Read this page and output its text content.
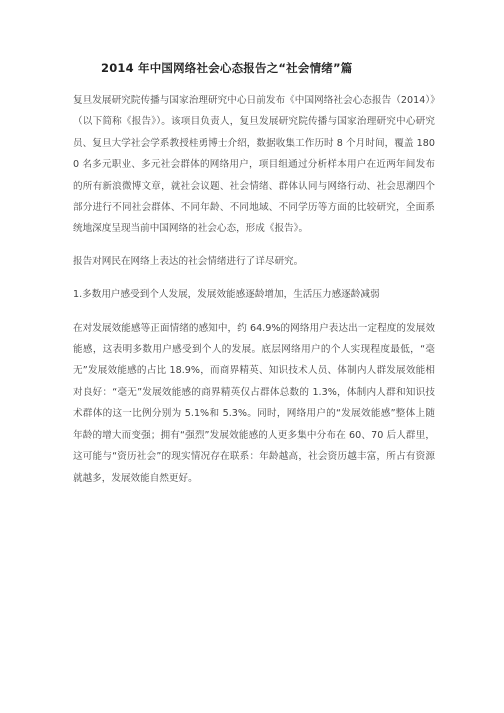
2014 年中国网络社会心态报告之“社会情绪”篇

复旦发展研究院传播与国家治理研究中心日前发布《中国网络社会心态报告（2014）》（以下简称《报告》）。该项目负责人，复旦发展研究院传播与国家治理研究中心研究员、复旦大学社会学系教授桂勇博士介绍，数据收集工作历时 8 个月时间，覆盖 1800 名多元职业、多元社会群体的网络用户，项目组通过分析样本用户在近两年间发布的所有新浪微博文章，就社会议题、社会情绪、群体认同与网络行动、社会思潮四个部分进行不同社会群体、不同年龄、不同地域、不同学历等方面的比较研究，全面系统地深度呈现当前中国网络的社会心态，形成《报告》。

报告对网民在网络上表达的社会情绪进行了详尽研究。

1.多数用户感受到个人发展，发展效能感逐龄增加，生活压力感逐龄减弱

在对发展效能感等正面情绪的感知中，约 64.9%的网络用户表达出一定程度的发展效能感，这表明多数用户感受到个人的发展。底层网络用户的个人实现程度最低，“毫无”发展效能感的占比 18.9%，而商界精英、知识技术人员、体制内人群发展效能相对良好：“毫无”发展效能感的商界精英仅占群体总数的 1.3%，体制内人群和知识技术群体的这一比例分别为 5.1%和 5.3%。同时，网络用户的“发展效能感”整体上随年龄的增大而变强；拥有“强烈”发展效能感的人更多集中分布在 60、70 后人群里，这可能与“资历社会”的现实情况存在联系：年龄越高，社会资历越丰富，所占有资源就越多，发展效能自然更好。
